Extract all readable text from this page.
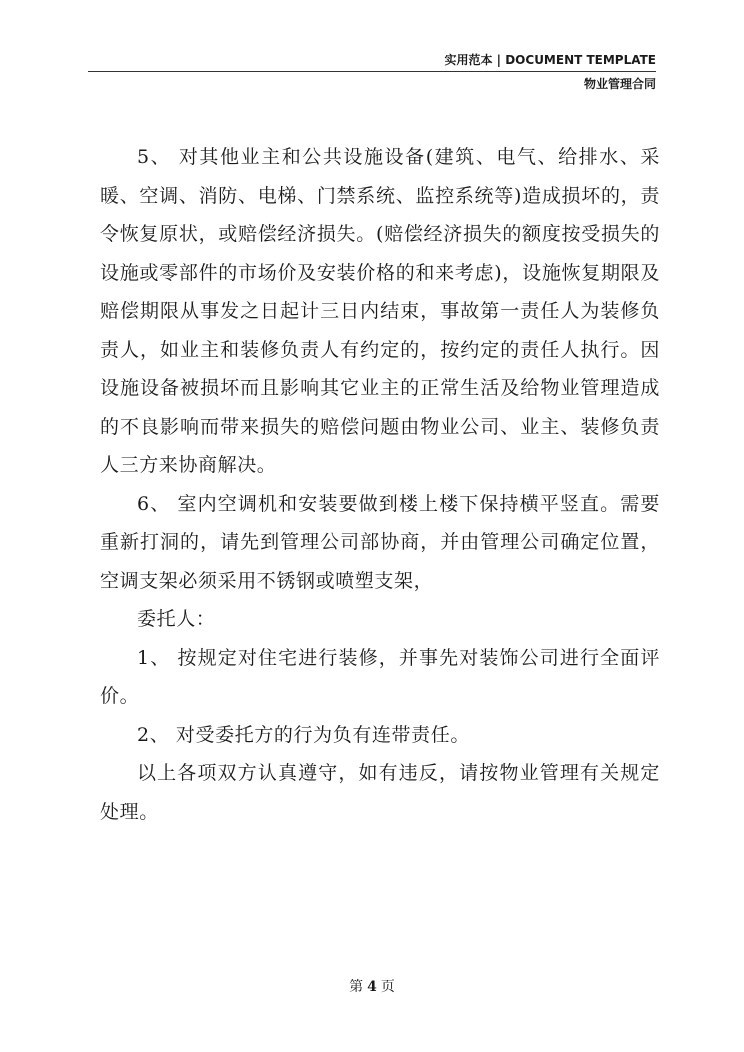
实用范本 | DOCUMENT TEMPLATE
物业管理合同

5、 对其他业主和公共设施设备(建筑、电气、给排水、采暖、空调、消防、电梯、门禁系统、监控系统等)造成损坏的，责令恢复原状，或赔偿经济损失。(赔偿经济损失的额度按受损失的设施或零部件的市场价及安装价格的和来考虑)，设施恢复期限及赔偿期限从事发之日起计三日内结束，事故第一责任人为装修负责人，如业主和装修负责人有约定的，按约定的责任人执行。因设施设备被损坏而且影响其它业主的正常生活及给物业管理造成的不良影响而带来损失的赔偿问题由物业公司、业主、装修负责人三方来协商解决。

6、 室内空调机和安装要做到楼上楼下保持横平竖直。需要重新打洞的，请先到管理公司部协商，并由管理公司确定位置，空调支架必须采用不锈钢或喷塑支架，

委托人：

1、 按规定对住宅进行装修，并事先对装饰公司进行全面评价。

2、 对受委托方的行为负有连带责任。

以上各项双方认真遵守，如有违反，请按物业管理有关规定处理。

第 4 页
